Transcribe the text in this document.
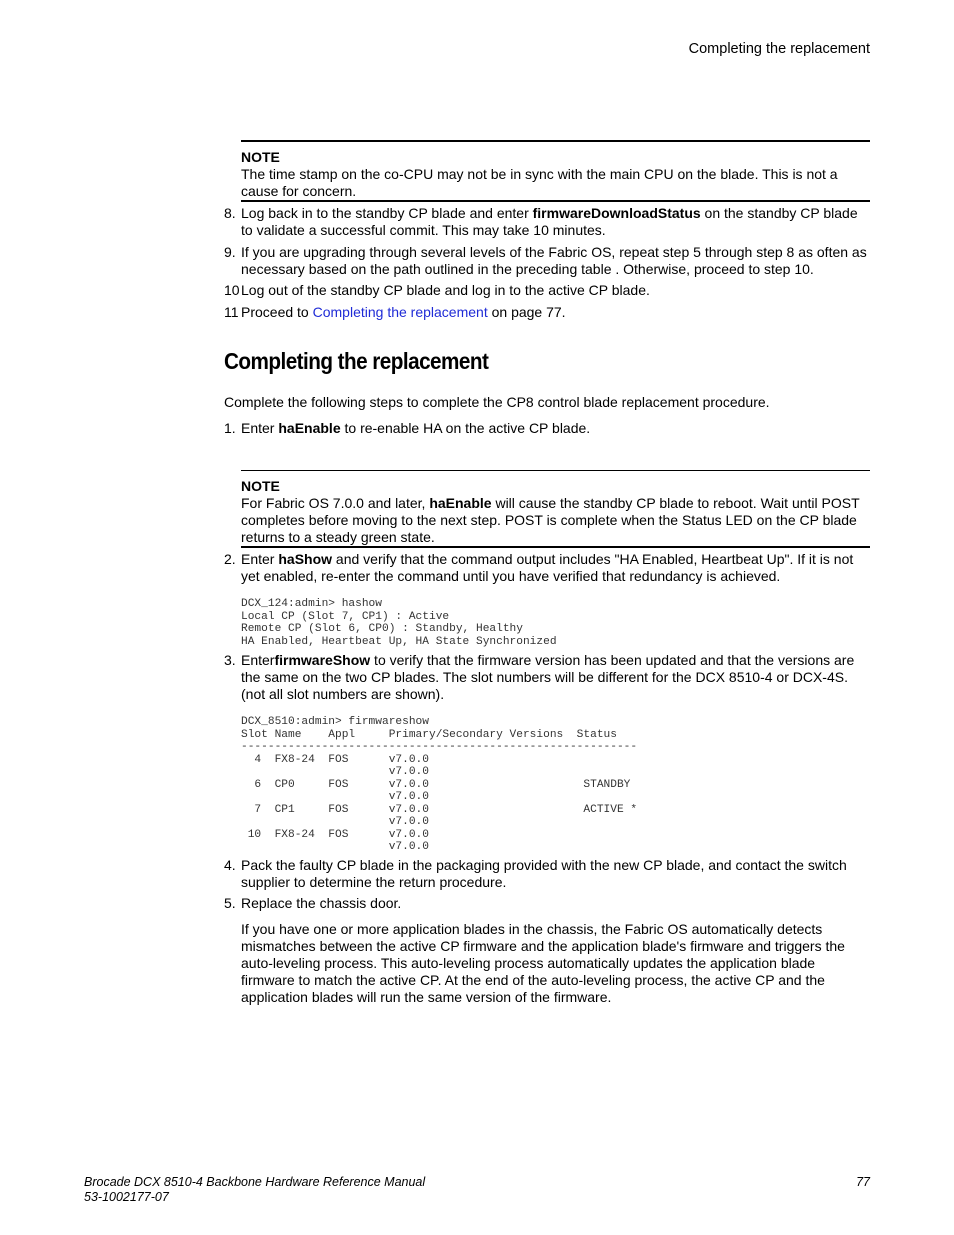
Completing the replacement
NOTE
The time stamp on the co-CPU may not be in sync with the main CPU on the blade. This is not a cause for concern.
8. Log back in to the standby CP blade and enter firmwareDownloadStatus on the standby CP blade to validate a successful commit. This may take 10 minutes.
9. If you are upgrading through several levels of the Fabric OS, repeat step 5 through step 8 as often as necessary based on the path outlined in the preceding table . Otherwise, proceed to step 10.
10 Log out of the standby CP blade and log in to the active CP blade.
11 Proceed to Completing the replacement on page 77.
Completing the replacement
Complete the following steps to complete the CP8 control blade replacement procedure.
1. Enter haEnable to re-enable HA on the active CP blade.
NOTE
For Fabric OS 7.0.0 and later, haEnable will cause the standby CP blade to reboot. Wait until POST completes before moving to the next step. POST is complete when the Status LED on the CP blade returns to a steady green state.
2. Enter haShow and verify that the command output includes "HA Enabled, Heartbeat Up". If it is not yet enabled, re-enter the command until you have verified that redundancy is achieved.
DCX_124:admin> hashow
Local CP (Slot 7, CP1) : Active
Remote CP (Slot 6, CP0) : Standby, Healthy
HA Enabled, Heartbeat Up, HA State Synchronized
3. EnterfirmwareShow to verify that the firmware version has been updated and that the versions are the same on the two CP blades. The slot numbers will be different for the DCX 8510-4 or DCX-4S. (not all slot numbers are shown).
DCX_8510:admin> firmwareshow
Slot Name    Appl     Primary/Secondary Versions  Status
-----------------------------------------------------------
4  FX8-24  FOS      v7.0.0
v7.0.0
6  CP0     FOS      v7.0.0                       STANDBY
v7.0.0
7  CP1     FOS      v7.0.0                       ACTIVE *
v7.0.0
10  FX8-24  FOS      v7.0.0
v7.0.0
4. Pack the faulty CP blade in the packaging provided with the new CP blade, and contact the switch supplier to determine the return procedure.
5. Replace the chassis door.
If you have one or more application blades in the chassis, the Fabric OS automatically detects mismatches between the active CP firmware and the application blade's firmware and triggers the auto-leveling process. This auto-leveling process automatically updates the application blade firmware to match the active CP. At the end of the auto-leveling process, the active CP and the application blades will run the same version of the firmware.
Brocade DCX 8510-4 Backbone Hardware Reference Manual
53-1002177-07
77
